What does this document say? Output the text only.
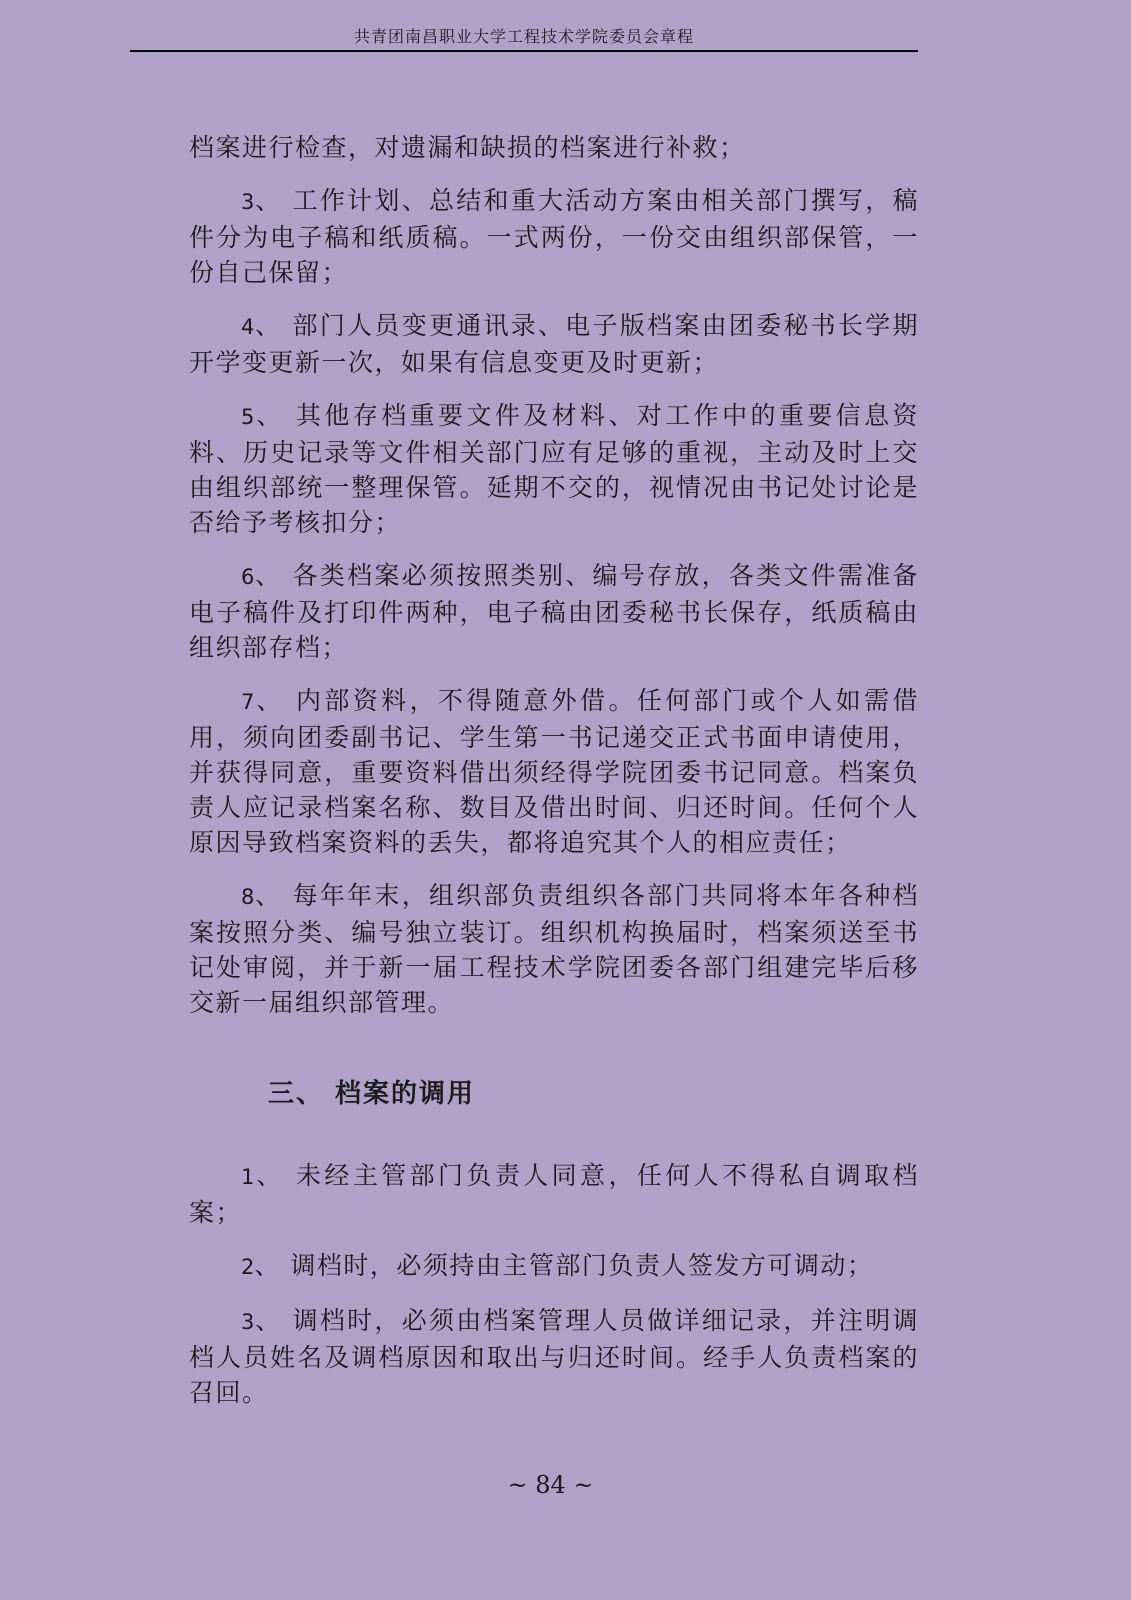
共青团南昌职业大学工程技术学院委员会章程

档案进行检查，对遗漏和缺损的档案进行补救；

3、 工作计划、总结和重大活动方案由相关部门撰写，稿件分为电子稿和纸质稿。一式两份，一份交由组织部保管，一份自己保留；

4、 部门人员变更通讯录、电子版档案由团委秘书长学期开学变更新一次，如果有信息变更及时更新；

5、 其他存档重要文件及材料、对工作中的重要信息资料、历史记录等文件相关部门应有足够的重视，主动及时上交由组织部统一整理保管。延期不交的，视情况由书记处讨论是否给予考核扣分；

6、 各类档案必须按照类别、编号存放，各类文件需准备电子稿件及打印件两种，电子稿由团委秘书长保存，纸质稿由组织部存档；

7、 内部资料，不得随意外借。任何部门或个人如需借用，须向团委副书记、学生第一书记递交正式书面申请使用，并获得同意，重要资料借出须经得学院团委书记同意。档案负责人应记录档案名称、数目及借出时间、归还时间。任何个人原因导致档案资料的丢失，都将追究其个人的相应责任；

8、 每年年末，组织部负责组织各部门共同将本年各种档案按照分类、编号独立装订。组织机构换届时，档案须送至书记处审阅，并于新一届工程技术学院团委各部门组建完毕后移交新一届组织部管理。

三、 档案的调用

1、 未经主管部门负责人同意，任何人不得私自调取档案；

2、 调档时，必须持由主管部门负责人签发方可调动；

3、 调档时，必须由档案管理人员做详细记录，并注明调档人员姓名及调档原因和取出与归还时间。经手人负责档案的召回。

~ 84 ~
